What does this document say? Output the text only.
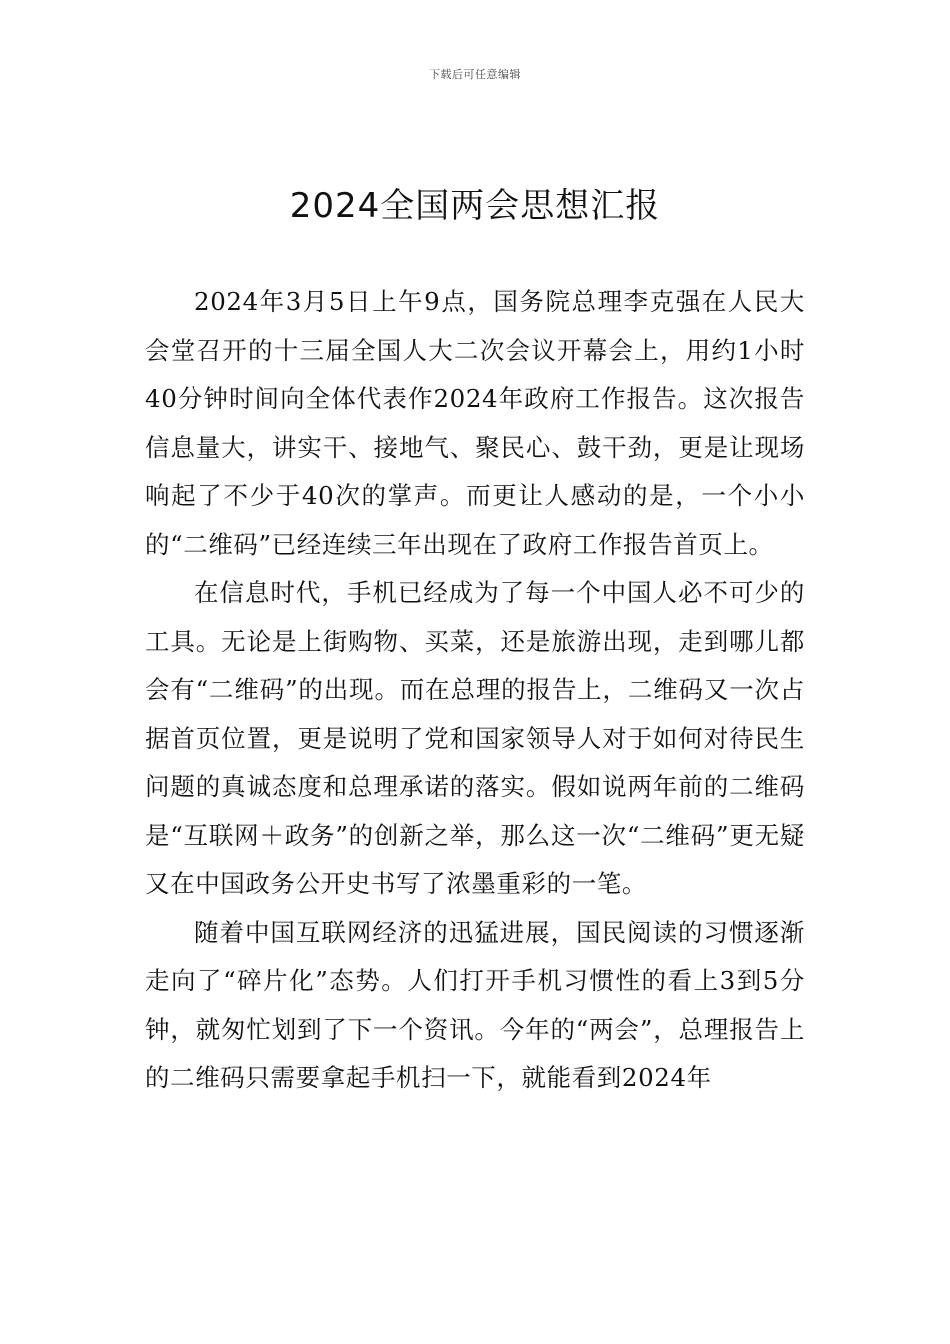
下载后可任意编辑
2024全国两会思想汇报

2024年3月5日上午9点，国务院总理李克强在人民大会堂召开的十三届全国人大二次会议开幕会上，用约1小时40分钟时间向全体代表作2024年政府工作报告。这次报告信息量大，讲实干、接地气、聚民心、鼓干劲，更是让现场响起了不少于40次的掌声。而更让人感动的是，一个小小的“二维码”已经连续三年出现在了政府工作报告首页上。

在信息时代，手机已经成为了每一个中国人必不可少的工具。无论是上街购物、买菜，还是旅游出现，走到哪儿都会有“二维码”的出现。而在总理的报告上，二维码又一次占据首页位置，更是说明了党和国家领导人对于如何对待民生问题的真诚态度和总理承诺的落实。假如说两年前的二维码是“互联网＋政务”的创新之举，那么这一次“二维码”更无疑又在中国政务公开史书写了浓墨重彩的一笔。

随着中国互联网经济的迅猛进展，国民阅读的习惯逐渐走向了“碎片化”态势。人们打开手机习惯性的看上3到5分钟，就匆忙划到了下一个资讯。今年的“两会”，总理报告上的二维码只需要拿起手机扫一下，就能看到2024年
